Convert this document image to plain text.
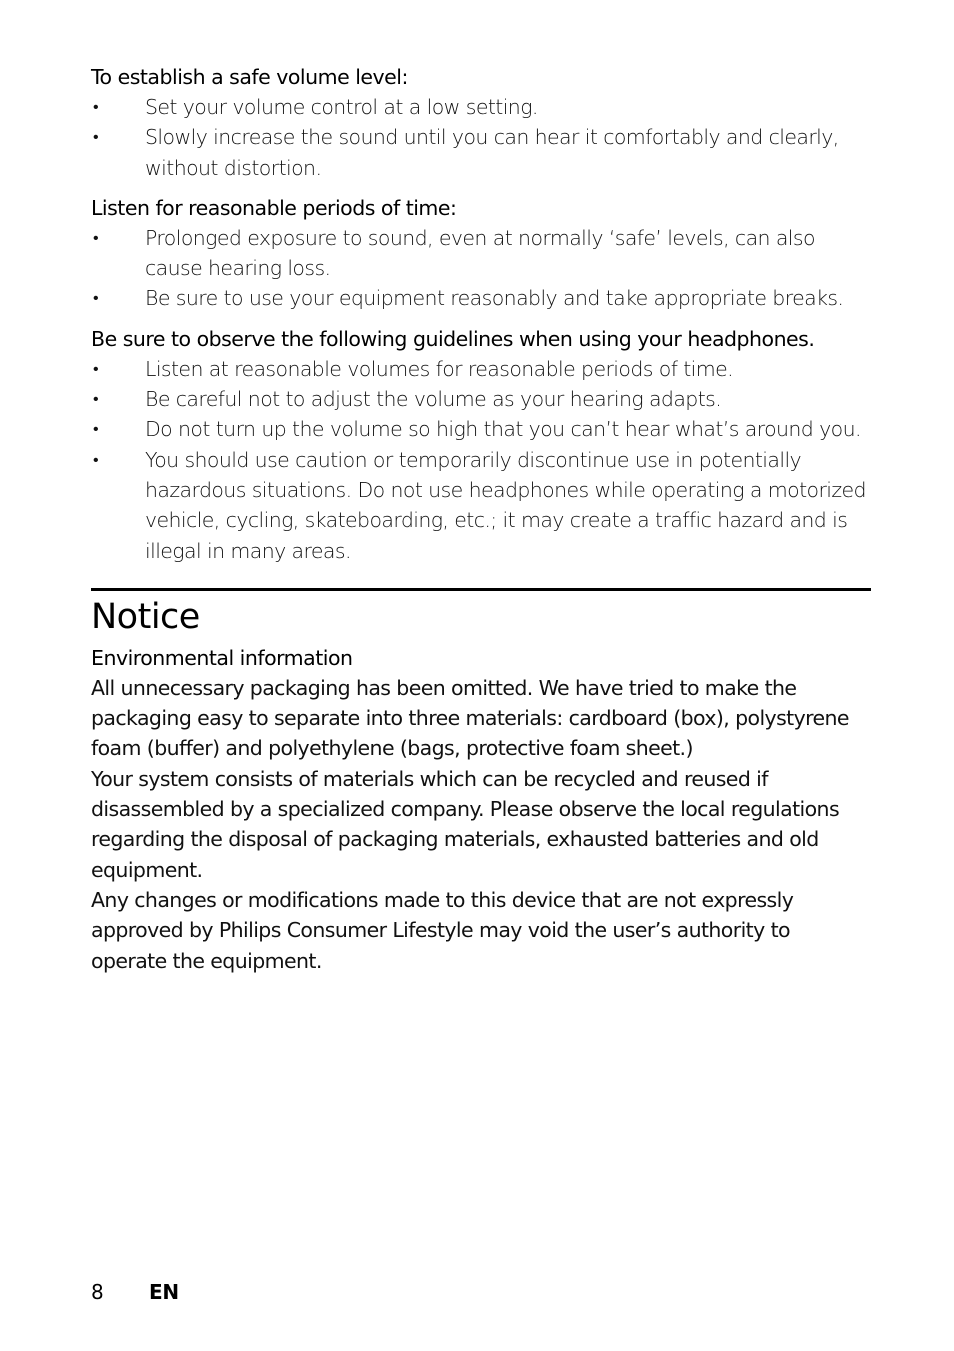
To establish a safe volume level:
• Set your volume control at a low setting.
• Slowly increase the sound until you can hear it comfortably and clearly, without distortion.
Listen for reasonable periods of time:
• Prolonged exposure to sound, even at normally ‘safe’ levels, can also cause hearing loss.
• Be sure to use your equipment reasonably and take appropriate breaks.
Be sure to observe the following guidelines when using your headphones.
• Listen at reasonable volumes for reasonable periods of time.
• Be careful not to adjust the volume as your hearing adapts.
• Do not turn up the volume so high that you can’t hear what’s around you.
• You should use caution or temporarily discontinue use in potentially hazardous situations. Do not use headphones while operating a motorized vehicle, cycling, skateboarding, etc.; it may create a traffic hazard and is illegal in many areas.
Notice
Environmental information

All unnecessary packaging has been omitted. We have tried to make the packaging easy to separate into three materials: cardboard (box), polystyrene foam (buffer) and polyethylene (bags, protective foam sheet.)

Your system consists of materials which can be recycled and reused if disassembled by a specialized company. Please observe the local regulations regarding the disposal of packaging materials, exhausted batteries and old equipment.

Any changes or modifications made to this device that are not expressly approved by Philips Consumer Lifestyle may void the user’s authority to operate the equipment.

8 EN
